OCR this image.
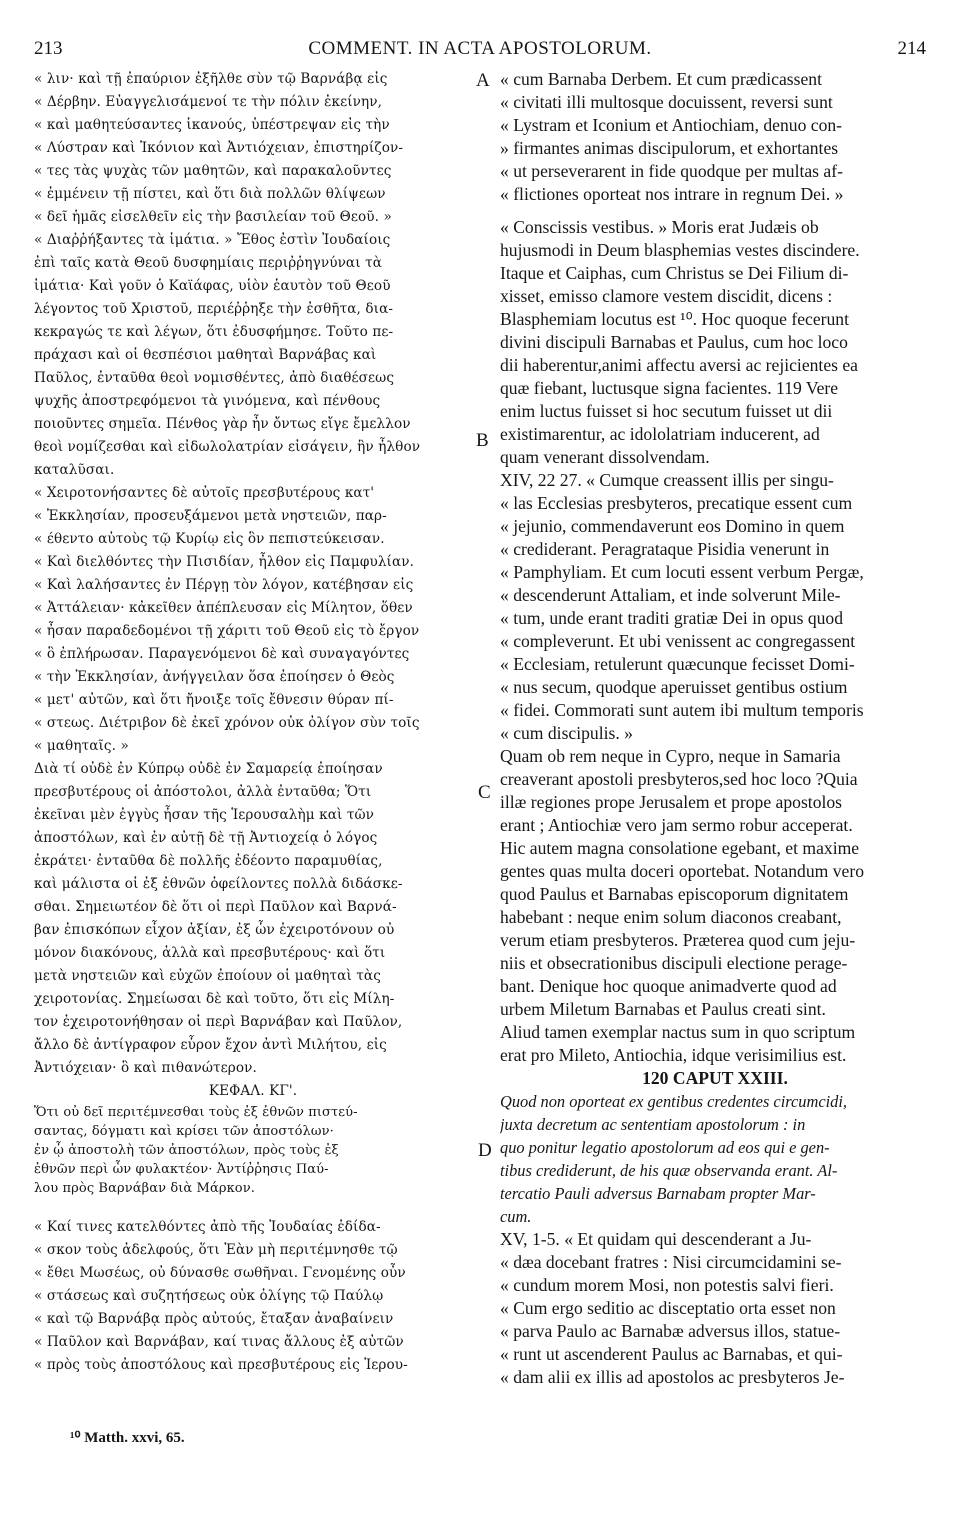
213	COMMENT. IN ACTA APOSTOLORUM.	214
A
B
C
D
« λιν· καὶ τῇ ἐπαύριον ἐξῆλθε σὺν τῷ Βαρνάβᾳ εἰς
« Δέρβην. Εὐαγγελισάμενοί τε τὴν πόλιν ἐκείνην,
« καὶ μαθητεύσαντες ἱκανούς, ὑπέστρεψαν εἰς τὴν
« Λύστραν καὶ Ἰκόνιον καὶ Ἀντιόχειαν, ἐπιστηρίζον-
« τες τὰς ψυχὰς τῶν μαθητῶν, καὶ παρακαλοῦντες
« ἐμμένειν τῇ πίστει, καὶ ὅτι διὰ πολλῶν θλίψεων
« δεῖ ἡμᾶς εἰσελθεῖν εἰς τὴν βασιλείαν τοῦ Θεοῦ. »
« Διαῤῥήξαντες τὰ ἱμάτια. » Ἔθος ἐστὶν Ἰουδαίοις
ἐπὶ ταῖς κατὰ Θεοῦ δυσφημίαις περιῤῥηγνύναι τὰ
ἱμάτια· Καὶ γοῦν ὁ Καϊάφας, υἱὸν ἑαυτὸν τοῦ Θεοῦ
λέγοντος τοῦ Χριστοῦ, περιέῤῥηξε τὴν ἐσθῆτα, δια-
κεκραγώς τε καὶ λέγων, ὅτι ἐδυσφήμησε. Τοῦτο πε-
πράχασι καὶ οἱ θεσπέσιοι μαθηταὶ Βαρνάβας καὶ
Παῦλος, ἐνταῦθα θεοὶ νομισθέντες, ἀπὸ διαθέσεως
ψυχῆς ἀποστρεφόμενοι τὰ γινόμενα, καὶ πένθους
ποιοῦντες σημεῖα. Πένθος γὰρ ἦν ὄντως εἴγε ἔμελλον
θεοὶ νομίζεσθαι καὶ εἰδωλολατρίαν εἰσάγειν, ἣν ἦλθον
καταλῦσαι.
« Χειροτονήσαντες δὲ αὐτοῖς πρεσβυτέρους κατ'
« Ἐκκλησίαν, προσευξάμενοι μετὰ νηστειῶν, παρ-
« έθεντο αὐτοὺς τῷ Κυρίῳ εἰς ὃν πεπιστεύκεισαν.
« Καὶ διελθόντες τὴν Πισιδίαν, ἦλθον εἰς Παμφυλίαν.
« Καὶ λαλήσαντες ἐν Πέργῃ τὸν λόγον, κατέβησαν εἰς
« Ἀττάλειαν· κἀκεῖθεν ἀπέπλευσαν εἰς Μίλητον, ὅθεν
« ἦσαν παραδεδομένοι τῇ χάριτι τοῦ Θεοῦ εἰς τὸ ἔργον
« ὃ ἐπλήρωσαν. Παραγενόμενοι δὲ καὶ συναγαγόντες
« τὴν Ἐκκλησίαν, ἀνήγγειλαν ὅσα ἐποίησεν ὁ Θεὸς
« μετ' αὐτῶν, καὶ ὅτι ἤνοιξε τοῖς ἔθνεσιν θύραν πί-
« στεως. Διέτριβον δὲ ἐκεῖ χρόνον οὐκ ὀλίγον σὺν τοῖς
« μαθηταῖς. »
Διὰ τί οὐδὲ ἐν Κύπρῳ οὐδὲ ἐν Σαμαρείᾳ ἐποίησαν
πρεσβυτέρους οἱ ἀπόστολοι, ἀλλὰ ἐνταῦθα; Ὅτι
ἐκεῖναι μὲν ἐγγὺς ἦσαν τῆς Ἱερουσαλὴμ καὶ τῶν
ἀποστόλων, καὶ ἐν αὐτῇ δὲ τῇ Ἀντιοχείᾳ ὁ λόγος
ἐκράτει· ἐνταῦθα δὲ πολλῆς ἐδέοντο παραμυθίας,
καὶ μάλιστα οἱ ἐξ ἐθνῶν ὀφείλοντες πολλὰ διδάσκε-
σθαι. Σημειωτέον δὲ ὅτι οἱ περὶ Παῦλον καὶ Βαρνά-
βαν ἐπισκόπων εἶχον ἀξίαν, ἐξ ὧν ἐχειροτόνουν οὐ
μόνον διακόνους, ἀλλὰ καὶ πρεσβυτέρους· καὶ ὅτι
μετὰ νηστειῶν καὶ εὐχῶν ἐποίουν οἱ μαθηταὶ τὰς
χειροτονίας. Σημείωσαι δὲ καὶ τοῦτο, ὅτι εἰς Μίλη-
τον ἐχειροτονήθησαν οἱ περὶ Βαρνάβαν καὶ Παῦλον,
ἄλλο δὲ ἀντίγραφον εὗρον ἔχον ἀντὶ Μιλήτου, εἰς
Ἀντιόχειαν· ὃ καὶ πιθανώτερον.
ΚΕΦΑΛ. ΚΓ'.
Ὅτι οὐ δεῖ περιτέμνεσθαι τοὺς ἐξ ἐθνῶν πιστεύ-
σαντας, δόγματι καὶ κρίσει τῶν ἀποστόλων·
ἐν ᾧ ἀποστολὴ τῶν ἀποστόλων, πρὸς τοὺς ἐξ
ἐθνῶν περὶ ὧν φυλακτέον· Ἀντίῤῥησις Παύ-
λου πρὸς Βαρνάβαν διὰ Μάρκον.
« Καί τινες κατελθόντες ἀπὸ τῆς Ἰουδαίας ἐδίδα-
« σκον τοὺς ἀδελφούς, ὅτι Ἐὰν μὴ περιτέμνησθε τῷ
« ἔθει Μωσέως, οὐ δύνασθε σωθῆναι. Γενομένης οὖν
« στάσεως καὶ συζητήσεως οὐκ ὀλίγης τῷ Παύλῳ
« καὶ τῷ Βαρνάβᾳ πρὸς αὐτούς, ἔταξαν ἀναβαίνειν
« Παῦλον καὶ Βαρνάβαν, καί τινας ἄλλους ἐξ αὐτῶν
« πρὸς τοὺς ἀποστόλους καὶ πρεσβυτέρους εἰς Ἱερου-
« cum Barnaba Derbem. Et cum prædicassent
« civitati illi multosque docuissent, reversi sunt
« Lystram et Iconium et Antiochiam, denuo con-
» firmantes animas discipulorum, et exhortantes
« ut perseverarent in fide quodque per multas af-
« flictiones oporteat nos intrare in regnum Dei. »
« Conscissis vestibus. » Moris erat Judæis ob
hujusmodi in Deum blasphemias vestes discindere.
Itaque et Caiphas, cum Christus se Dei Filium di-
xisset, emisso clamore vestem discidit, dicens :
Blasphemiam locutus est ¹⁰. Hoc quoque fecerunt
divini discipuli Barnabas et Paulus, cum hoc loco
dii haberentur,animi affectu aversi ac rejicientes ea
quæ fiebant, luctusque signa facientes. 119 Vere
enim luctus fuisset si hoc secutum fuisset ut dii
existimarentur, ac idololatriam inducerent, ad
quam venerant dissolvendam.
XIV, 22 27. « Cumque creassent illis per singu-
« las Ecclesias presbyteros, precatique essent cum
« jejunio, commendaverunt eos Domino in quem
« crediderant. Peragrataque Pisidia venerunt in
« Pamphyliam. Et cum locuti essent verbum Pergæ,
« descenderunt Attaliam, et inde solverunt Mile-
« tum, unde erant traditi gratiæ Dei in opus quod
« compleverunt. Et ubi venissent ac congregassent
« Ecclesiam, retulerunt quæcunque fecisset Domi-
« nus secum, quodque aperuisset gentibus ostium
« fidei. Commorati sunt autem ibi multum temporis
« cum discipulis. »
Quam ob rem neque in Cypro, neque in Samaria
creaverant apostoli presbyteros,sed hoc loco ?Quia
illæ regiones prope Jerusalem et prope apostolos
erant ; Antiochiæ vero jam sermo robur acceperat.
Hic autem magna consolatione egebant, et maxime
gentes quas multa doceri oportebat. Notandum vero
quod Paulus et Barnabas episcoporum dignitatem
habebant : neque enim solum diaconos creabant,
verum etiam presbyteros. Præterea quod cum jeju-
niis et obsecrationibus discipuli electione perage-
bant. Denique hoc quoque animadverte quod ad
urbem Miletum Barnabas et Paulus creati sint.
Aliud tamen exemplar nactus sum in quo scriptum
erat pro Mileto, Antiochia, idque verisimilius est.
120 CAPUT XXIII.
Quod non oporteat ex gentibus credentes circumcidi,
juxta decretum ac sententiam apostolorum : in
quo ponitur legatio apostolorum ad eos qui e gen-
tibus crediderunt, de his quæ observanda erant. Al-
tercatio Pauli adversus Barnabam propter Mar-
cum.
XV, 1-5. « Et quidam qui descenderant a Ju-
« dæa docebant fratres : Nisi circumcidamini se-
« cundum morem Mosi, non potestis salvi fieri.
« Cum ergo seditio ac disceptatio orta esset non
« parva Paulo ac Barnabæ adversus illos, statue-
« runt ut ascenderent Paulus ac Barnabas, et qui-
« dam alii ex illis ad apostolos ac presbyteros Je-
¹⁰ Matth. xxvi, 65.
